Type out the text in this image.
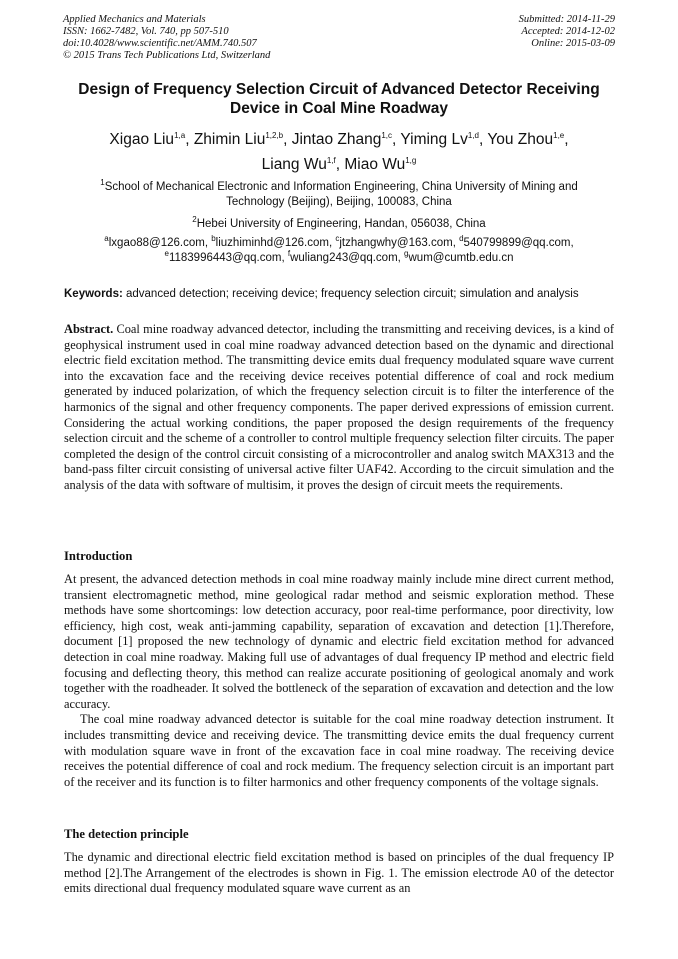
Applied Mechanics and Materials
ISSN: 1662-7482, Vol. 740, pp 507-510
doi:10.4028/www.scientific.net/AMM.740.507
© 2015 Trans Tech Publications Ltd, Switzerland
Submitted: 2014-11-29
Accepted: 2014-12-02
Online: 2015-03-09
Design of Frequency Selection Circuit of Advanced Detector Receiving
Device in Coal Mine Roadway
Xigao Liu$^{1,a}$, Zhimin Liu$^{1,2,b}$, Jintao Zhang$^{1,c}$, Yiming Lv$^{1,d}$, You Zhou$^{1,e}$,
Liang Wu$^{1,f}$, Miao Wu$^{1,g}$
$^1$School of Mechanical Electronic and Information Engineering, China University of Mining and
Technology (Beijing), Beijing, 100083, China
$^2$Hebei University of Engineering, Handan, 056038, China
$^a$lxgao88@126.com, $^b$liuzhiminhd@126.com, $^c$jtzhangwhy@163.com, $^d$540799899@qq.com,
$^e$1183996443@qq.com, $^f$wuliang243@qq.com, $^g$wum@cumtb.edu.cn
Keywords: advanced detection; receiving device; frequency selection circuit; simulation and analysis

Abstract. Coal mine roadway advanced detector, including the transmitting and receiving devices, is a kind of geophysical instrument used in coal mine roadway advanced detection based on the dynamic and directional electric field excitation method. The transmitting device emits dual frequency modulated square wave current into the excavation face and the receiving device receives potential difference of coal and rock medium generated by induced polarization, of which the frequency selection circuit is to filter the interference of the harmonics of the signal and other frequency components. The paper derived expressions of emission current. Considering the actual working conditions, the paper proposed the design requirements of the frequency selection circuit and the scheme of a controller to control multiple frequency selection filter circuits. The paper completed the design of the control circuit consisting of a microcontroller and analog switch MAX313 and the band-pass filter circuit consisting of universal active filter UAF42. According to the circuit simulation and the analysis of the data with software of multisim, it proves the design of circuit meets the requirements.

Introduction

At present, the advanced detection methods in coal mine roadway mainly include mine direct current method, transient electromagnetic method, mine geological radar method and seismic exploration method. These methods have some shortcomings: low detection accuracy, poor real-time performance, poor directivity, low efficiency, high cost, weak anti-jamming capability, separation of excavation and detection [1].Therefore, document [1] proposed the new technology of dynamic and electric field excitation method for advanced detection in coal mine roadway. Making full use of advantages of dual frequency IP method and electric field focusing and deflecting theory, this method can realize accurate positioning of geological anomaly and work together with the roadheader. It solved the bottleneck of the separation of excavation and detection and the low accuracy.

The coal mine roadway advanced detector is suitable for the coal mine roadway detection instrument. It includes transmitting device and receiving device. The transmitting device emits the dual frequency current with modulation square wave in front of the excavation face in coal mine roadway. The receiving device receives the potential difference of coal and rock medium. The frequency selection circuit is an important part of the receiver and its function is to filter harmonics and other frequency components of the voltage signals.

The detection principle

The dynamic and directional electric field excitation method is based on principles of the dual frequency IP method [2].The Arrangement of the electrodes is shown in Fig. 1. The emission electrode A0 of the detector emits directional dual frequency modulated square wave current as an
